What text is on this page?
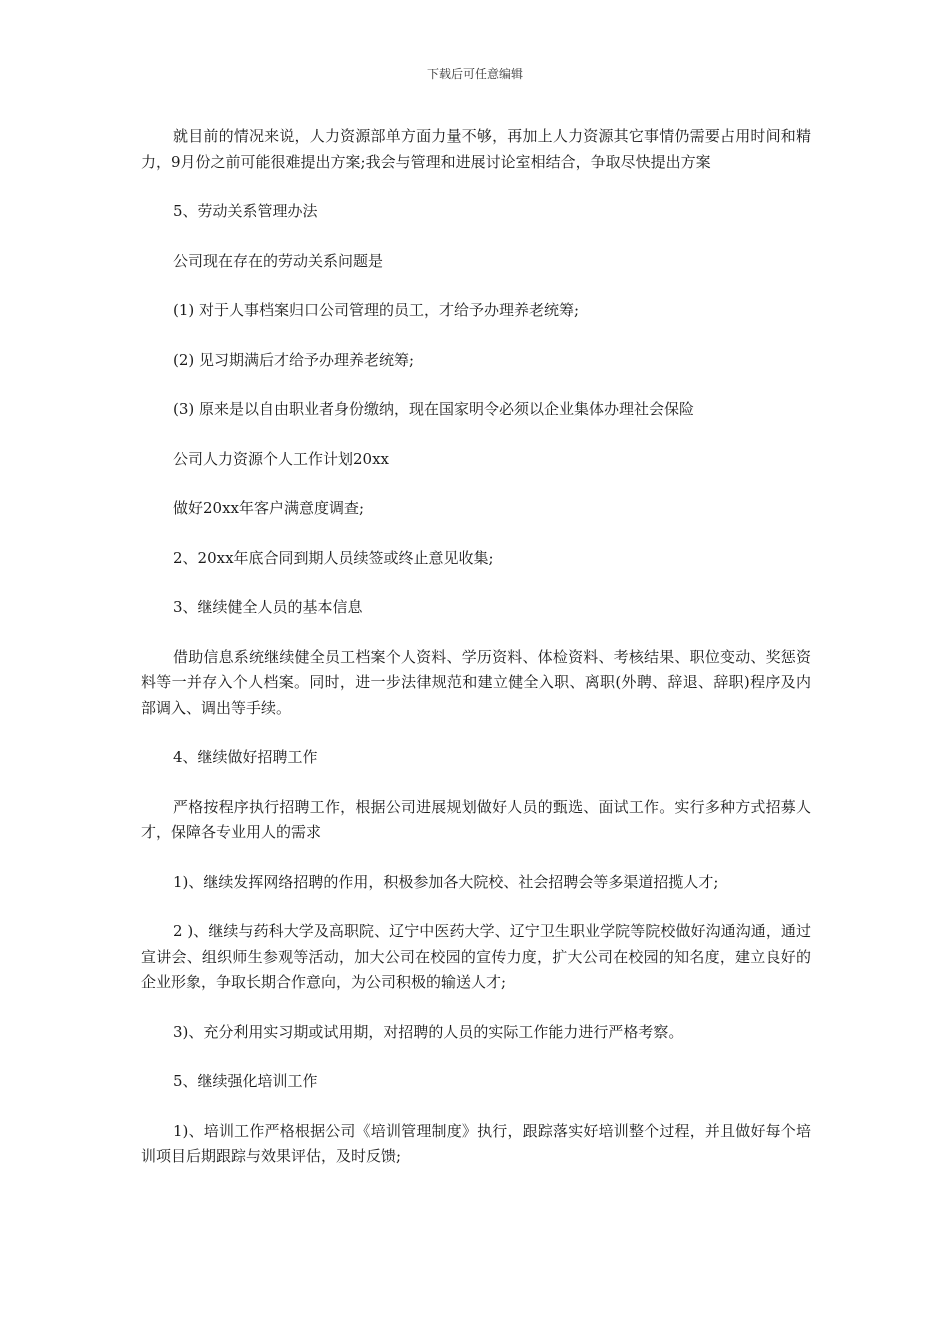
下载后可任意编辑

就目前的情况来说，人力资源部单方面力量不够，再加上人力资源其它事情仍需要占用时间和精力，9月份之前可能很难提出方案;我会与管理和进展讨论室相结合，争取尽快提出方案

5、劳动关系管理办法

公司现在存在的劳动关系问题是

(1) 对于人事档案归口公司管理的员工，才给予办理养老统筹;

(2) 见习期满后才给予办理养老统筹;

(3) 原来是以自由职业者身份缴纳，现在国家明令必须以企业集体办理社会保险

公司人力资源个人工作计划20xx

做好20xx年客户满意度调查;

2、20xx年底合同到期人员续签或终止意见收集;

3、继续健全人员的基本信息

借助信息系统继续健全员工档案个人资料、学历资料、体检资料、考核结果、职位变动、奖惩资料等一并存入个人档案。同时，进一步法律规范和建立健全入职、离职(外聘、辞退、辞职)程序及内部调入、调出等手续。

4、继续做好招聘工作

严格按程序执行招聘工作，根据公司进展规划做好人员的甄选、面试工作。实行多种方式招募人才，保障各专业用人的需求

1)、继续发挥网络招聘的作用，积极参加各大院校、社会招聘会等多渠道招揽人才;

2 )、继续与药科大学及高职院、辽宁中医药大学、辽宁卫生职业学院等院校做好沟通沟通，通过宣讲会、组织师生参观等活动，加大公司在校园的宣传力度，扩大公司在校园的知名度，建立良好的企业形象，争取长期合作意向，为公司积极的输送人才;

3)、充分利用实习期或试用期，对招聘的人员的实际工作能力进行严格考察。

5、继续强化培训工作

1)、培训工作严格根据公司《培训管理制度》执行，跟踪落实好培训整个过程，并且做好每个培训项目后期跟踪与效果评估，及时反馈;
